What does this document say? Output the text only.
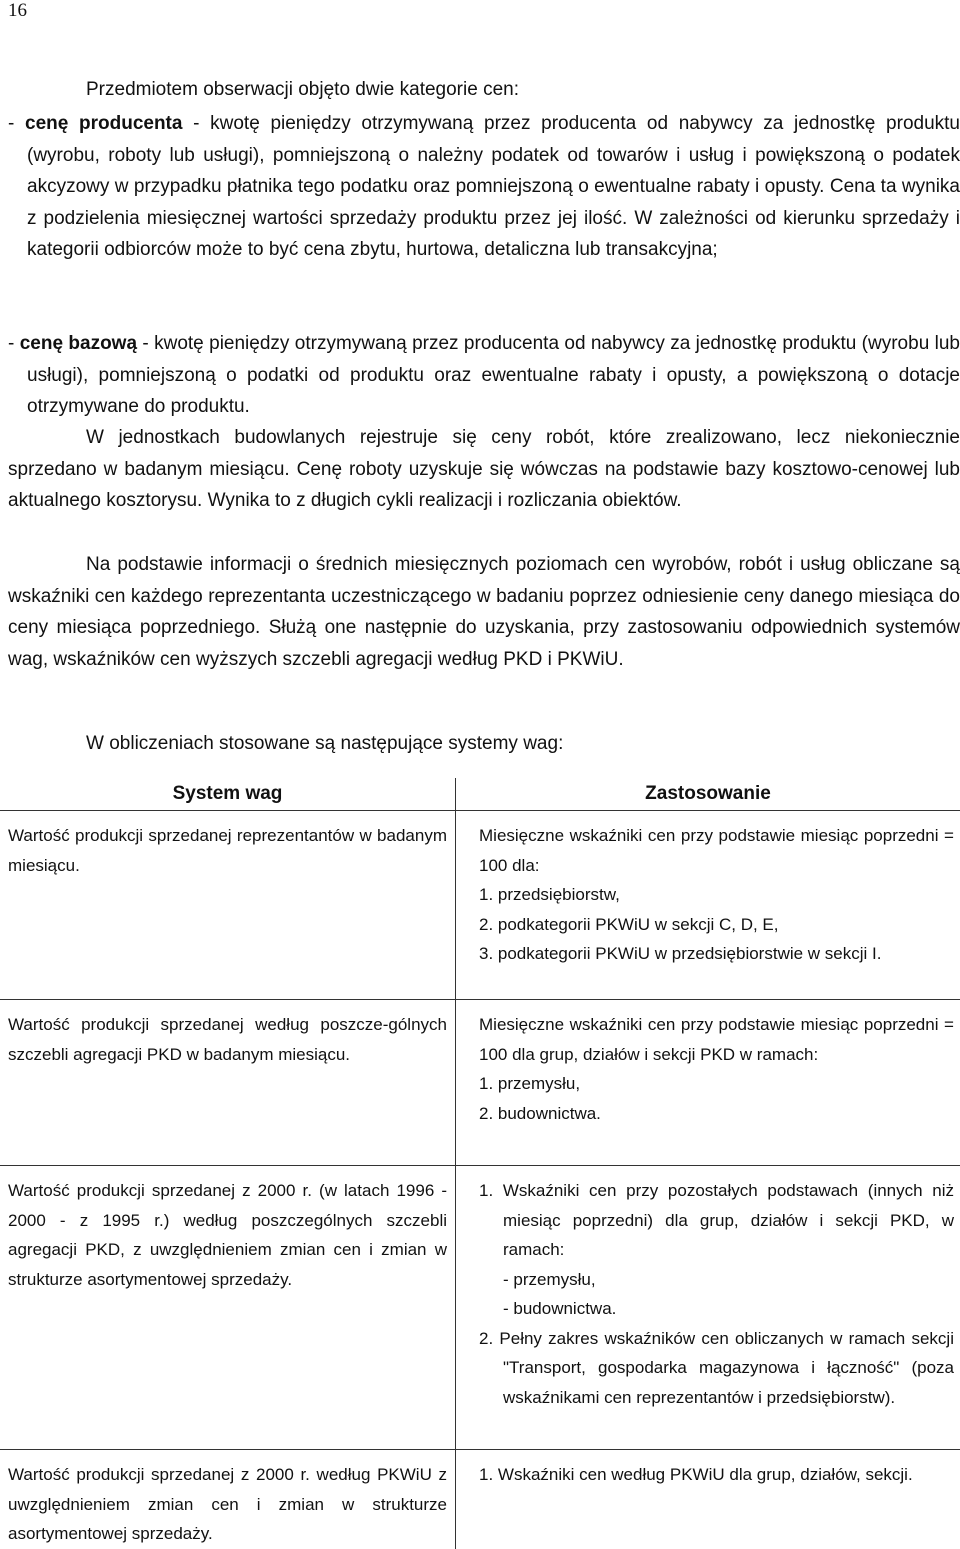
16
Przedmiotem obserwacji objęto dwie kategorie cen:
- cenę producenta - kwotę pieniędzy otrzymywaną przez producenta od nabywcy za jednostkę produktu (wyrobu, roboty lub usługi), pomniejszoną o należny podatek od towarów i usług i powiększoną o podatek akcyzowy w przypadku płatnika tego podatku oraz pomniejszoną o ewentualne rabaty i opusty. Cena ta wynika z podzielenia miesięcznej wartości sprzedaży produktu przez jej ilość. W zależności od kierunku sprzedaży i kategorii odbiorców może to być cena zbytu, hurtowa, detaliczna lub transakcyjna;
- cenę bazową - kwotę pieniędzy otrzymywaną przez producenta od nabywcy za jednostkę produktu (wyrobu lub usługi), pomniejszoną o podatki od produktu oraz ewentualne rabaty i opusty, a powiększoną o dotacje otrzymywane do produktu.
W jednostkach budowlanych rejestruje się ceny robót, które zrealizowano, lecz niekoniecznie sprzedano w badanym miesiącu. Cenę roboty uzyskuje się wówczas na podstawie bazy kosztowo-cenowej lub aktualnego kosztorysu. Wynika to z długich cykli realizacji i rozliczania obiektów.
Na podstawie informacji o średnich miesięcznych poziomach cen wyrobów, robót i usług obliczane są wskaźniki cen każdego reprezentanta uczestniczącego w badaniu poprzez odniesienie ceny danego miesiąca do ceny miesiąca poprzedniego. Służą one następnie do uzyskania, przy zastosowaniu odpowiednich systemów wag, wskaźników cen wyższych szczebli agregacji według PKD i PKWiU.
W obliczeniach stosowane są następujące systemy wag:
System wag	Zastosowanie
Wartość produkcji sprzedanej reprezentantów w badanym miesiącu.	Miesięczne wskaźniki cen przy podstawie miesiąc poprzedni = 100 dla:
1. przedsiębiorstw,
2. podkategorii PKWiU w sekcji C, D, E,
3. podkategorii PKWiU w przedsiębiorstwie w sekcji I.

Wartość produkcji sprzedanej według poszcze-gólnych szczebli agregacji PKD w badanym miesiącu.	Miesięczne wskaźniki cen przy podstawie miesiąc poprzedni = 100 dla grup, działów i sekcji PKD w ramach:
1. przemysłu,
2. budownictwa.

Wartość produkcji sprzedanej z 2000 r. (w latach 1996 - 2000 - z 1995 r.) według poszczególnych szczebli agregacji PKD, z uwzględnieniem zmian cen i zmian w strukturze asortymentowej sprzedaży.	1. Wskaźniki cen przy pozostałych podstawach (innych niż miesiąc poprzedni) dla grup, działów i sekcji PKD, w ramach:
- przemysłu,
- budownictwa.
2. Pełny zakres wskaźników cen obliczanych w ramach sekcji "Transport, gospodarka magazynowa i łączność" (poza wskaźnikami cen reprezentantów i przedsiębiorstw).

Wartość produkcji sprzedanej z 2000 r. według PKWiU z uwzględnieniem zmian cen i zmian w strukturze asortymentowej sprzedaży.	1. Wskaźniki cen według PKWiU dla grup, działów, sekcji.
